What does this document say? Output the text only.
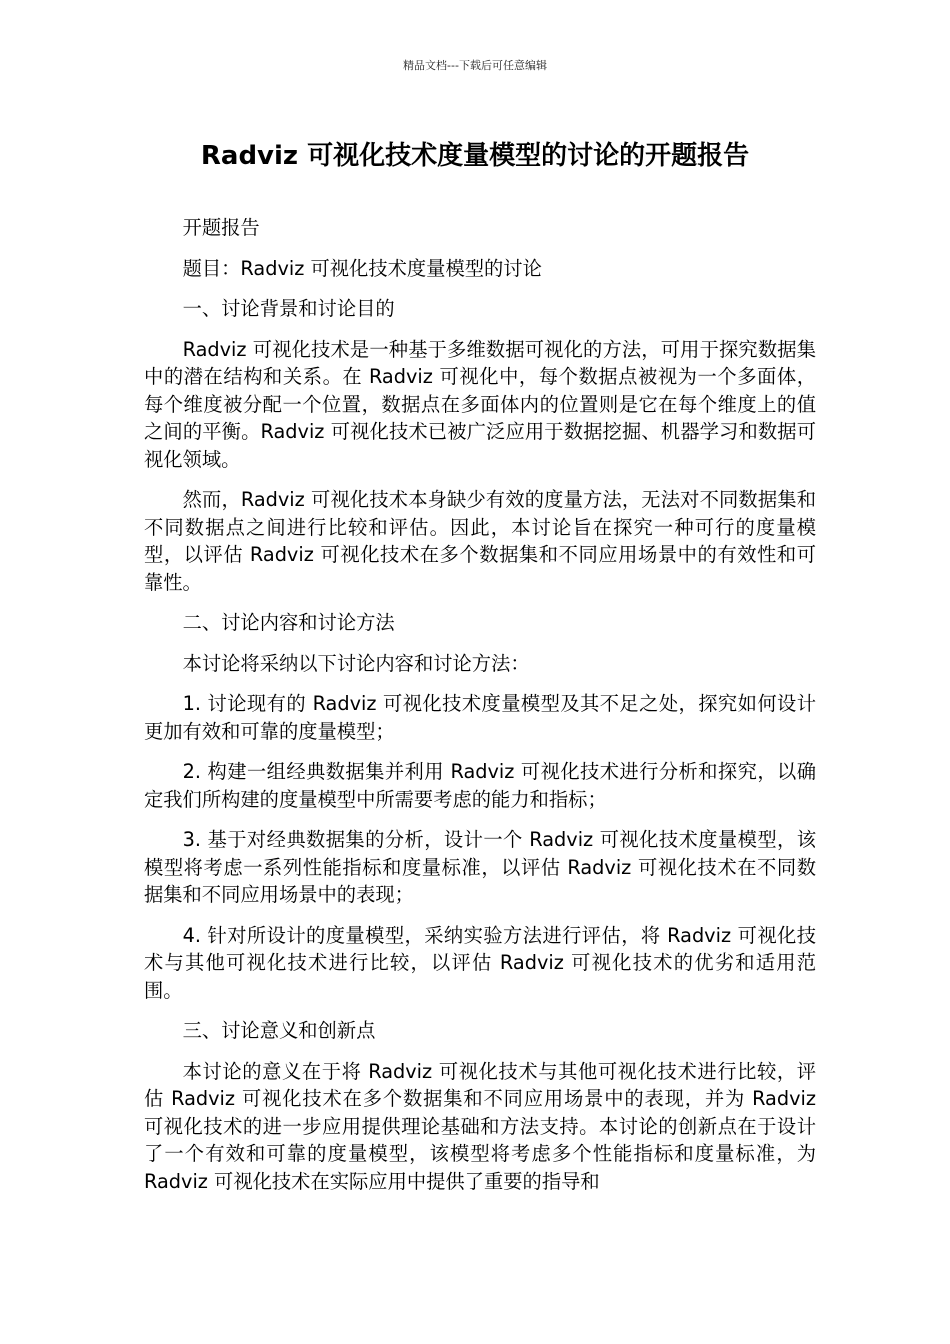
精品文档---下载后可任意编辑
Radviz 可视化技术度量模型的讨论的开题报告

开题报告

题目：Radviz 可视化技术度量模型的讨论

一、讨论背景和讨论目的

Radviz 可视化技术是一种基于多维数据可视化的方法，可用于探究数据集中的潜在结构和关系。在 Radviz 可视化中，每个数据点被视为一个多面体，每个维度被分配一个位置，数据点在多面体内的位置则是它在每个维度上的值之间的平衡。Radviz 可视化技术已被广泛应用于数据挖掘、机器学习和数据可视化领域。

然而，Radviz 可视化技术本身缺少有效的度量方法，无法对不同数据集和不同数据点之间进行比较和评估。因此，本讨论旨在探究一种可行的度量模型，以评估 Radviz 可视化技术在多个数据集和不同应用场景中的有效性和可靠性。

二、讨论内容和讨论方法

本讨论将采纳以下讨论内容和讨论方法：

1. 讨论现有的 Radviz 可视化技术度量模型及其不足之处，探究如何设计更加有效和可靠的度量模型；

2. 构建一组经典数据集并利用 Radviz 可视化技术进行分析和探究，以确定我们所构建的度量模型中所需要考虑的能力和指标；

3. 基于对经典数据集的分析，设计一个 Radviz 可视化技术度量模型，该模型将考虑一系列性能指标和度量标准，以评估 Radviz 可视化技术在不同数据集和不同应用场景中的表现；

4. 针对所设计的度量模型，采纳实验方法进行评估，将 Radviz 可视化技术与其他可视化技术进行比较，以评估 Radviz 可视化技术的优劣和适用范围。

三、讨论意义和创新点

本讨论的意义在于将 Radviz 可视化技术与其他可视化技术进行比较，评估 Radviz 可视化技术在多个数据集和不同应用场景中的表现，并为 Radviz 可视化技术的进一步应用提供理论基础和方法支持。本讨论的创新点在于设计了一个有效和可靠的度量模型，该模型将考虑多个性能指标和度量标准，为 Radviz 可视化技术在实际应用中提供了重要的指导和
